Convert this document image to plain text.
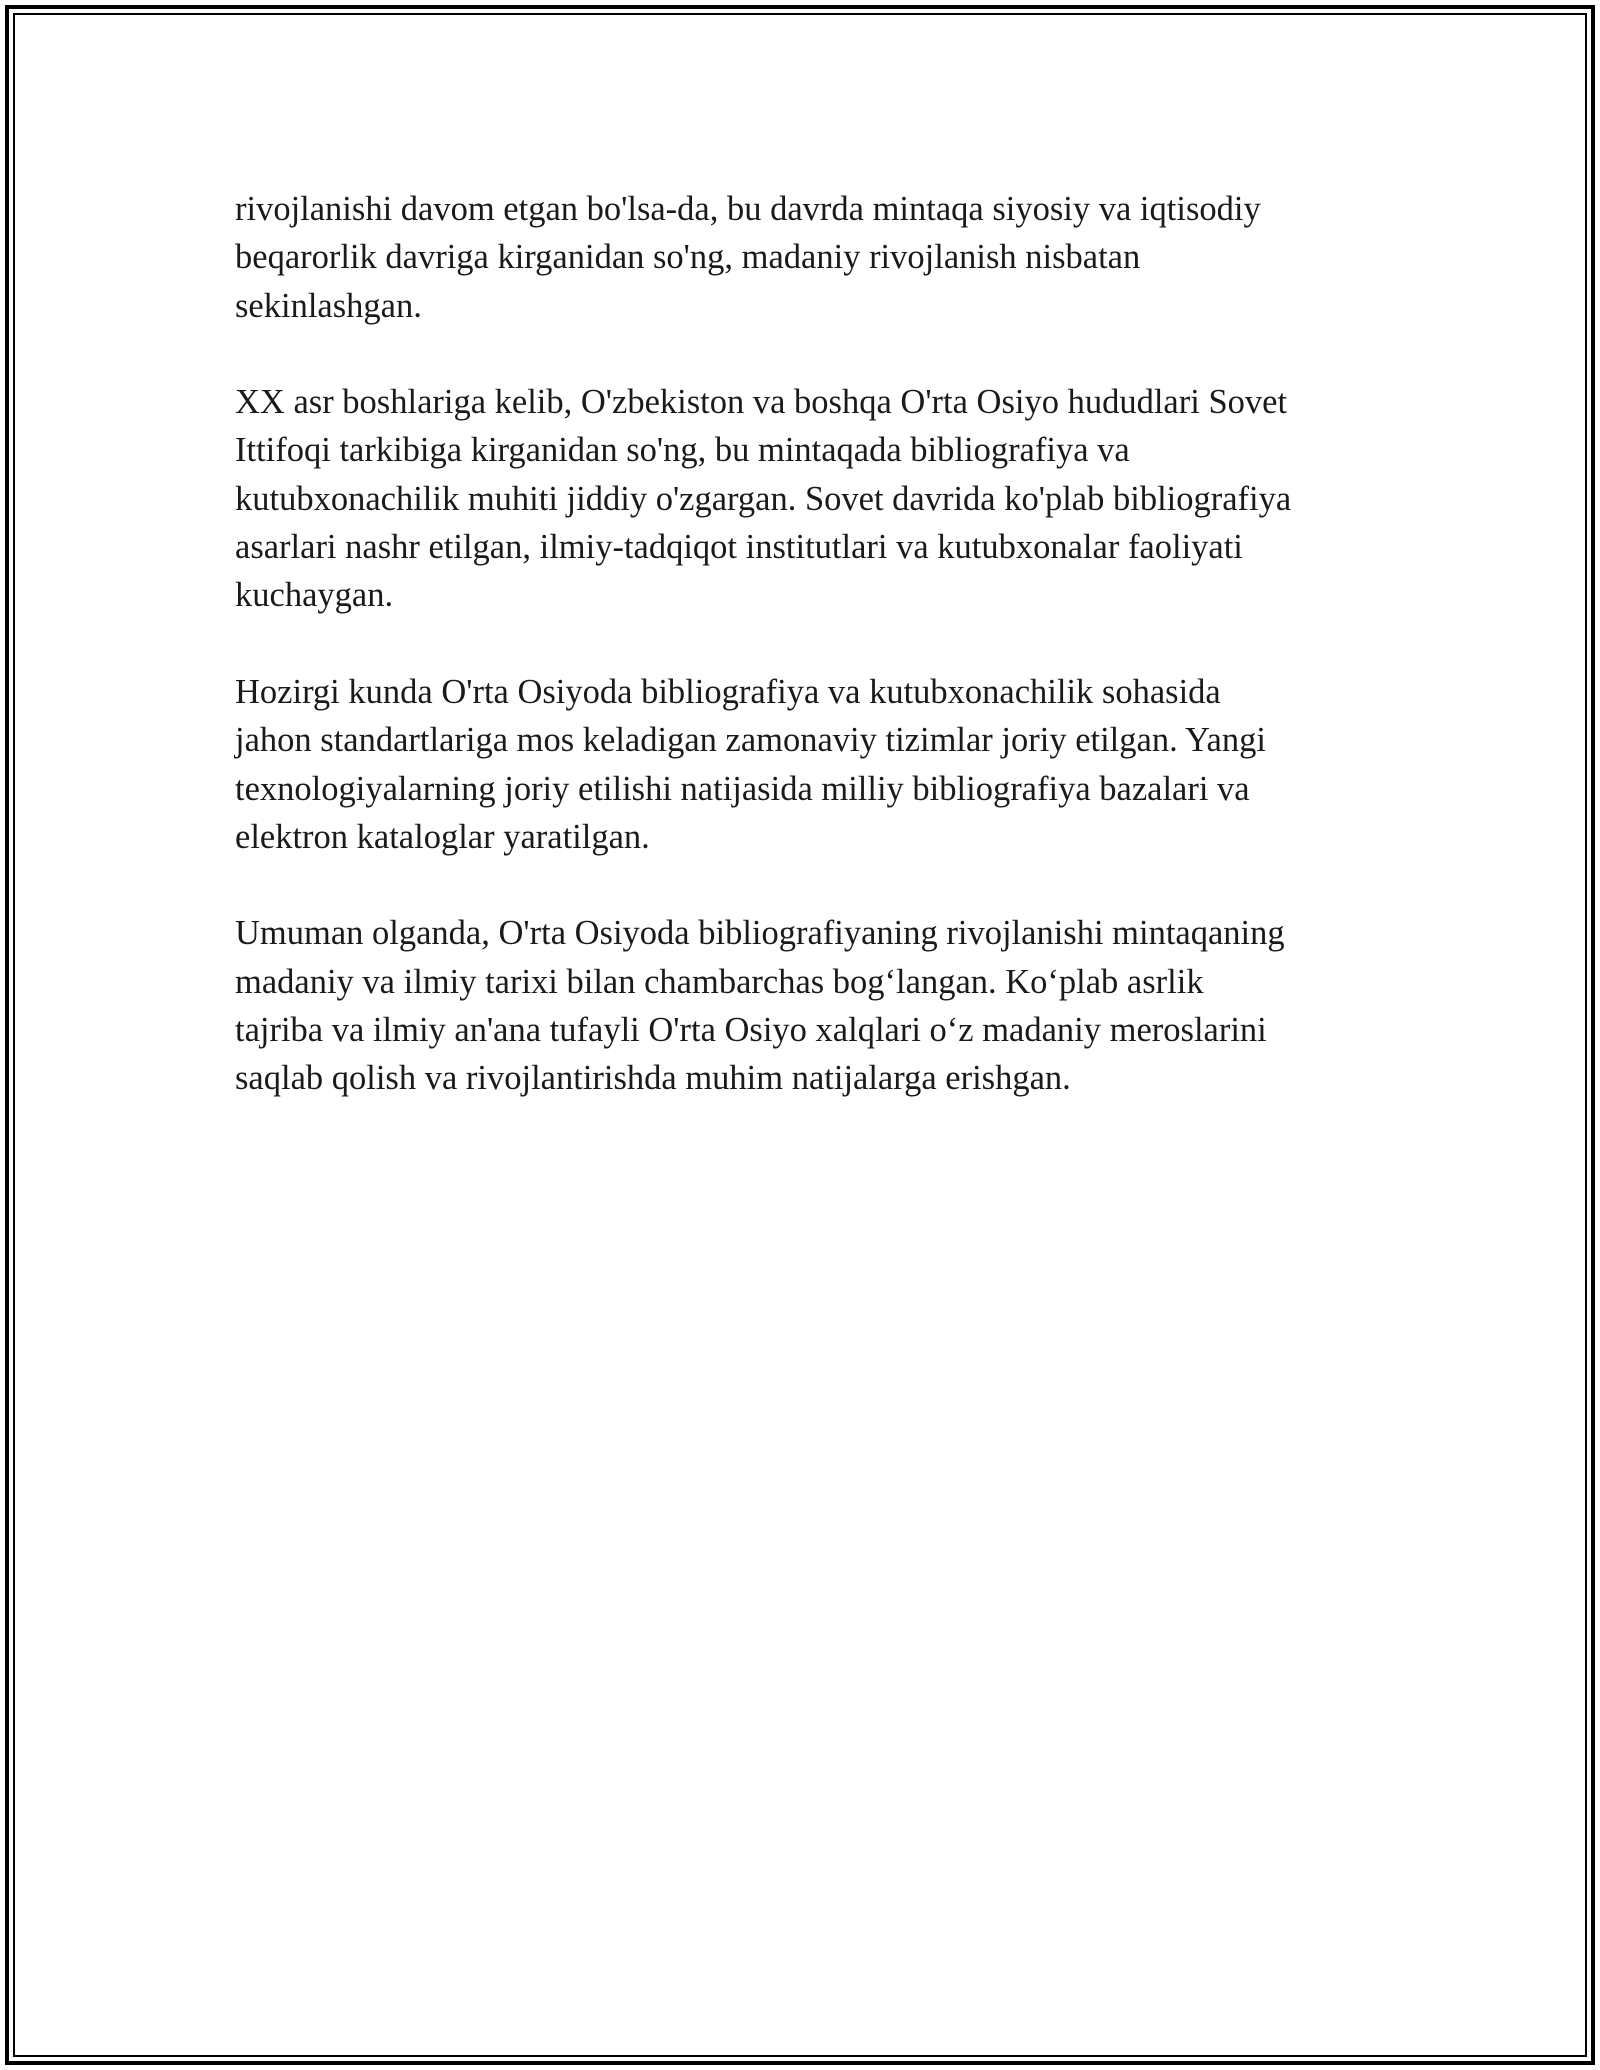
rivojlanishi davom etgan bo'lsa-da, bu davrda mintaqa siyosiy va iqtisodiy
beqarorlik davriga kirganidan so'ng, madaniy rivojlanish nisbatan
sekinlashgan.

XX asr boshlariga kelib, O'zbekiston va boshqa O'rta Osiyo hududlari Sovet
Ittifoqi tarkibiga kirganidan so'ng, bu mintaqada bibliografiya va
kutubxonachilik muhiti jiddiy o'zgargan. Sovet davrida ko'plab bibliografiya
asarlari nashr etilgan, ilmiy-tadqiqot institutlari va kutubxonalar faoliyati
kuchaygan.

Hozirgi kunda O'rta Osiyoda bibliografiya va kutubxonachilik sohasida
jahon standartlariga mos keladigan zamonaviy tizimlar joriy etilgan. Yangi
texnologiyalarning joriy etilishi natijasida milliy bibliografiya bazalari va
elektron kataloglar yaratilgan.

Umuman olganda, O'rta Osiyoda bibliografiyaning rivojlanishi mintaqaning
madaniy va ilmiy tarixi bilan chambarchas bog‘langan. Ko‘plab asrlik
tajriba va ilmiy an'ana tufayli O'rta Osiyo xalqlari o‘z madaniy meroslarini
saqlab qolish va rivojlantirishda muhim natijalarga erishgan.
